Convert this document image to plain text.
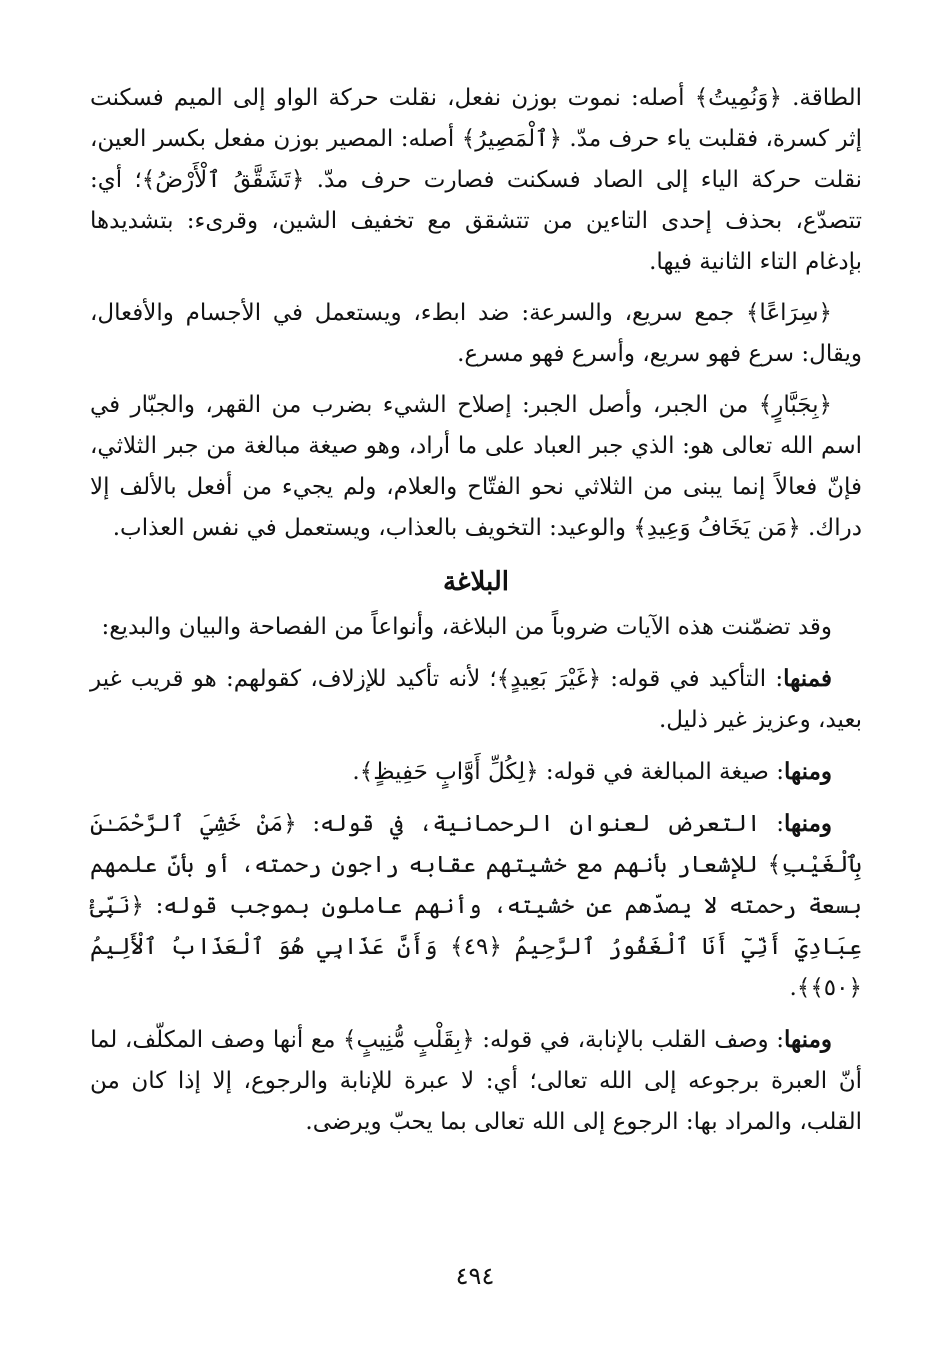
الطاقة. ﴿وَنُمِيتُ﴾ أصله: نموت بوزن نفعل، نقلت حركة الواو إلى الميم فسكنت إثر كسرة، فقلبت ياء حرف مدّ. ﴿ٱلْمَصِيرُ﴾ أصله: المصير بوزن مفعل بكسر العين، نقلت حركة الياء إلى الصاد فسكنت فصارت حرف مدّ. ﴿تَشَقَّقُ ٱلْأَرْضُ﴾؛ أي: تتصدّع، بحذف إحدى التاءين من تتشقق مع تخفيف الشين، وقرىء: بتشديدها بإدغام التاء الثانية فيها.

﴿سِرَاعًا﴾ جمع سريع، والسرعة: ضد ابطء، ويستعمل في الأجسام والأفعال، ويقال: سرع فهو سريع، وأسرع فهو مسرع.

﴿بِجَبَّارٍ﴾ من الجبر، وأصل الجبر: إصلاح الشيء بضرب من القهر، والجبّار في اسم الله تعالى هو: الذي جبر العباد على ما أراد، وهو صيغة مبالغة من جبر الثلاثي، فإنّ فعالاً إنما يبنى من الثلاثي نحو الفتّاح والعلام، ولم يجيء من أفعل بالألف إلا دراك. ﴿مَن يَخَافُ وَعِيدِ﴾ والوعيد: التخويف بالعذاب، ويستعمل في نفس العذاب.

البلاغة

وقد تضمّنت هذه الآيات ضروباً من البلاغة، وأنواعاً من الفصاحة والبيان والبديع:

فمنها: التأكيد في قوله: ﴿غَيْرَ بَعِيدٍ﴾؛ لأنه تأكيد للإزلاف، كقولهم: هو قريب غير بعيد، وعزيز غير ذليل.

ومنها: صيغة المبالغة في قوله: ﴿لِكُلِّ أَوَّابٍ حَفِيظٍ﴾.

ومنها: التعرض لعنوان الرحمانية، في قوله: ﴿مَنْ خَشِيَ ٱلرَّحْمَـٰنَ بِٱلْغَيْبِ﴾ للإشعار بأنهم مع خشيتهم عقابه راجون رحمته، أو بأنّ علمهم بسعة رحمته لا يصدّهم عن خشيته، وأنهم عاملون بموجب قوله: ﴿نَبِّئْ عِبَادِيٓ أَنِّيٓ أَنَا ٱلْغَفُورُ ٱلرَّحِيمُ ﴿٤٩﴾ وَأَنَّ عَذَابِي هُوَ ٱلْعَذَابُ ٱلْأَلِيمُ ﴿٥٠﴾﴾.

ومنها: وصف القلب بالإنابة، في قوله: ﴿بِقَلْبٍ مُّنِيبٍ﴾ مع أنها وصف المكلّف، لما أنّ العبرة برجوعه إلى الله تعالى؛ أي: لا عبرة للإنابة والرجوع، إلا إذا كان من القلب، والمراد بها: الرجوع إلى الله تعالى بما يحبّ ويرضى.

٤٩٤
